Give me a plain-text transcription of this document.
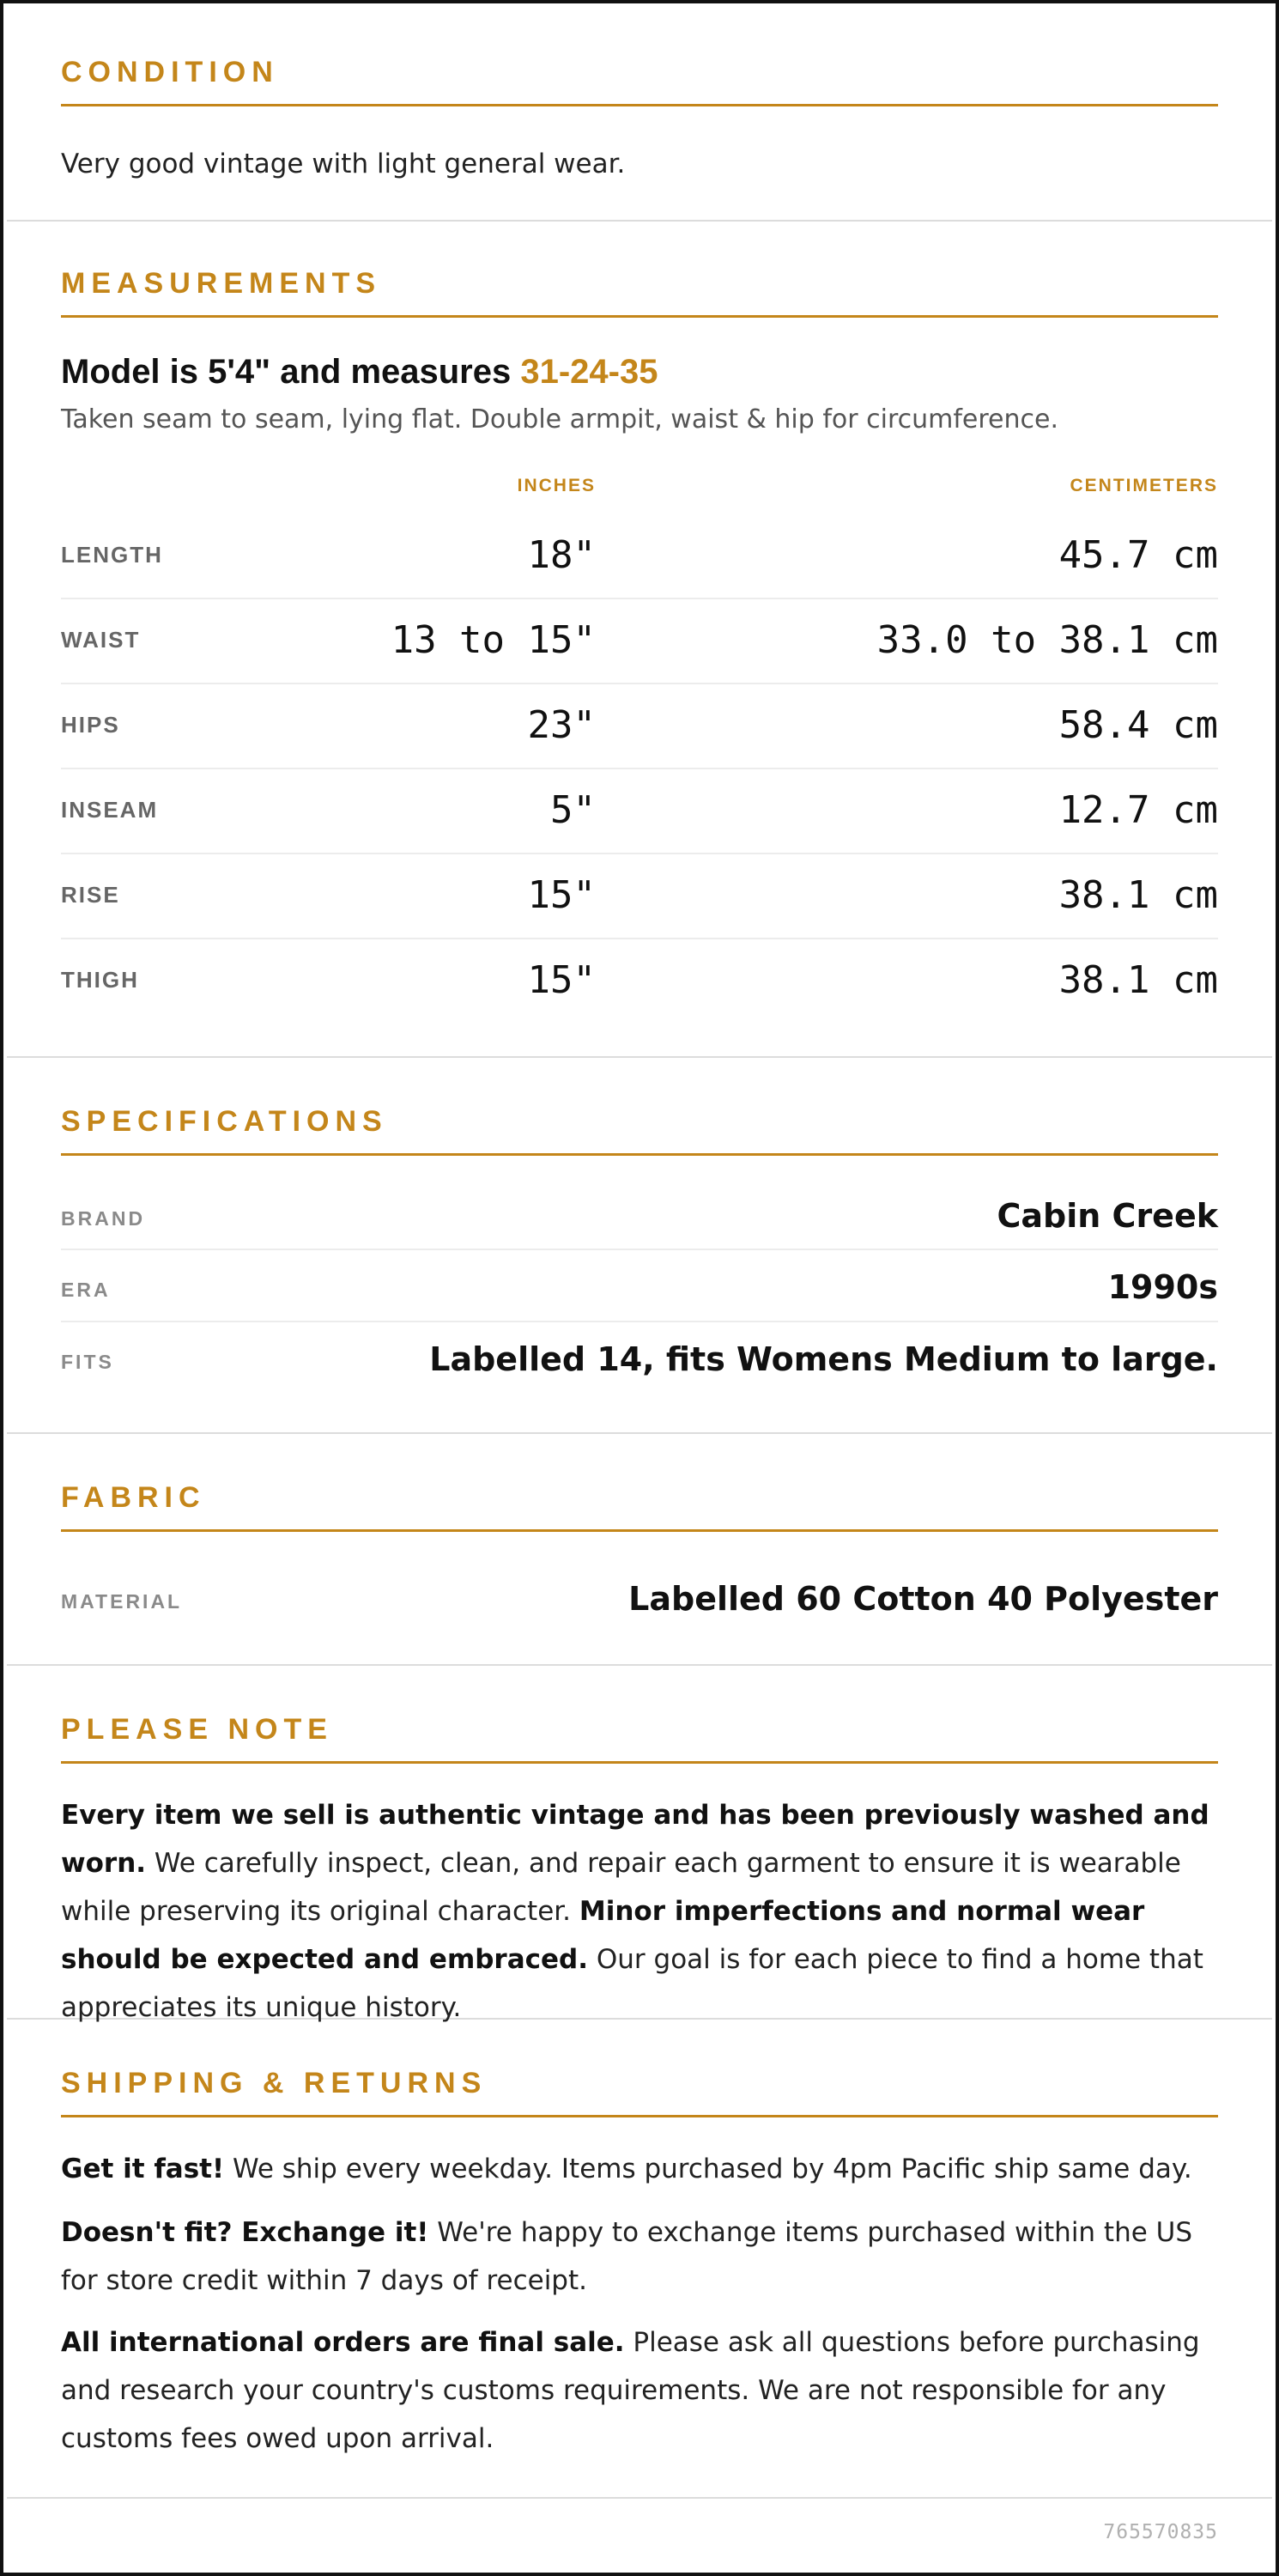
CONDITION
Very good vintage with light general wear.
MEASUREMENTS
Model is 5'4" and measures 31-24-35
Taken seam to seam, lying flat. Double armpit, waist & hip for circumference.
INCHES	CENTIMETERS
LENGTH	18"	45.7 cm
WAIST	13 to 15"	33.0 to 38.1 cm
HIPS	23"	58.4 cm
INSEAM	5"	12.7 cm
RISE	15"	38.1 cm
THIGH	15"	38.1 cm
SPECIFICATIONS
BRAND	Cabin Creek
ERA	1990s
FITS	Labelled 14, fits Womens Medium to large.
FABRIC
MATERIAL	Labelled 60 Cotton 40 Polyester
PLEASE NOTE
Every item we sell is authentic vintage and has been previously washed and worn. We carefully inspect, clean, and repair each garment to ensure it is wearable while preserving its original character. Minor imperfections and normal wear should be expected and embraced. Our goal is for each piece to find a home that appreciates its unique history.
SHIPPING & RETURNS
Get it fast! We ship every weekday. Items purchased by 4pm Pacific ship same day.
Doesn't fit? Exchange it! We're happy to exchange items purchased within the US for store credit within 7 days of receipt.
All international orders are final sale. Please ask all questions before purchasing and research your country's customs requirements. We are not responsible for any customs fees owed upon arrival.
765570835
